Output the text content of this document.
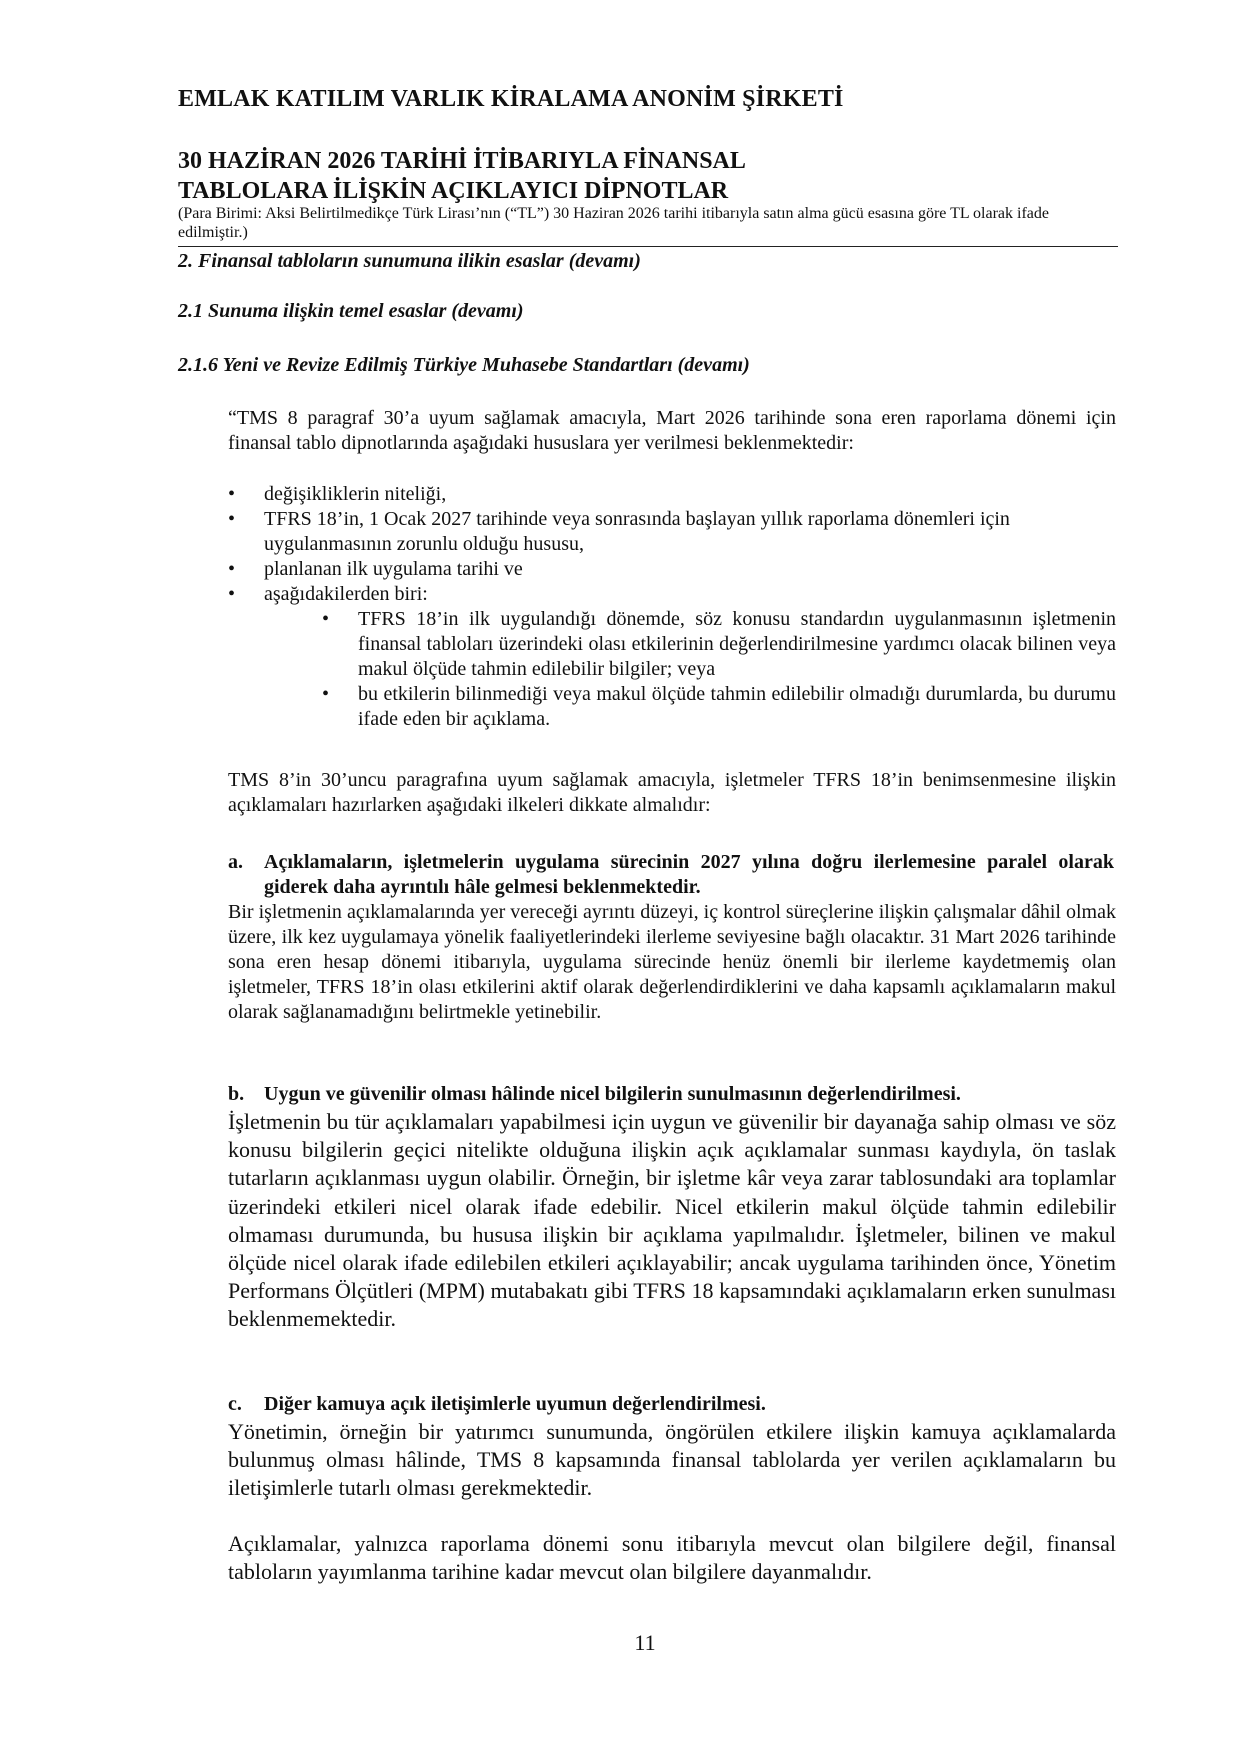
EMLAK KATILIM VARLIK KİRALAMA ANONİM ŞİRKETİ
30 HAZİRAN 2026 TARİHİ İTİBARIYLA FİNANSAL
TABLOLARA İLİŞKİN AÇIKLAYICI DİPNOTLAR
(Para Birimi: Aksi Belirtilmedikçe Türk Lirası’nın (“TL”) 30 Haziran 2026 tarihi itibarıyla satın alma gücü esasına göre TL olarak ifade edilmiştir.)
2. Finansal tabloların sunumuna ilikin esaslar (devamı)
2.1 Sunuma ilişkin temel esaslar (devamı)
2.1.6 Yeni ve Revize Edilmiş Türkiye Muhasebe Standartları (devamı)
“TMS 8 paragraf 30’a uyum sağlamak amacıyla, Mart 2026 tarihinde sona eren raporlama dönemi için finansal tablo dipnotlarında aşağıdaki hususlara yer verilmesi beklenmektedir:
• değişikliklerin niteliği,
• TFRS 18’in, 1 Ocak 2027 tarihinde veya sonrasında başlayan yıllık raporlama dönemleri için uygulanmasının zorunlu olduğu hususu,
• planlanan ilk uygulama tarihi ve
• aşağıdakilerden biri:
• TFRS 18’in ilk uygulandığı dönemde, söz konusu standardın uygulanmasının işletmenin finansal tabloları üzerindeki olası etkilerinin değerlendirilmesine yardımcı olacak bilinen veya makul ölçüde tahmin edilebilir bilgiler; veya
• bu etkilerin bilinmediği veya makul ölçüde tahmin edilebilir olmadığı durumlarda, bu durumu ifade eden bir açıklama.
TMS 8’in 30’uncu paragrafına uyum sağlamak amacıyla, işletmeler TFRS 18’in benimsenmesine ilişkin açıklamaları hazırlarken aşağıdaki ilkeleri dikkate almalıdır:
a. Açıklamaların, işletmelerin uygulama sürecinin 2027 yılına doğru ilerlemesine paralel olarak giderek daha ayrıntılı hâle gelmesi beklenmektedir.
Bir işletmenin açıklamalarında yer vereceği ayrıntı düzeyi, iç kontrol süreçlerine ilişkin çalışmalar dâhil olmak üzere, ilk kez uygulamaya yönelik faaliyetlerindeki ilerleme seviyesine bağlı olacaktır. 31 Mart 2026 tarihinde sona eren hesap dönemi itibarıyla, uygulama sürecinde henüz önemli bir ilerleme kaydetmemiş olan işletmeler, TFRS 18’in olası etkilerini aktif olarak değerlendirdiklerini ve daha kapsamlı açıklamaların makul olarak sağlanamadığını belirtmekle yetinebilir.
b. Uygun ve güvenilir olması hâlinde nicel bilgilerin sunulmasının değerlendirilmesi.
İşletmenin bu tür açıklamaları yapabilmesi için uygun ve güvenilir bir dayanağa sahip olması ve söz konusu bilgilerin geçici nitelikte olduğuna ilişkin açık açıklamalar sunması kaydıyla, ön taslak tutarların açıklanması uygun olabilir. Örneğin, bir işletme kâr veya zarar tablosundaki ara toplamlar üzerindeki etkileri nicel olarak ifade edebilir. Nicel etkilerin makul ölçüde tahmin edilebilir olmaması durumunda, bu hususa ilişkin bir açıklama yapılmalıdır. İşletmeler, bilinen ve makul ölçüde nicel olarak ifade edilebilen etkileri açıklayabilir; ancak uygulama tarihinden önce, Yönetim Performans Ölçütleri (MPM) mutabakatı gibi TFRS 18 kapsamındaki açıklamaların erken sunulması beklenmemektedir.
c. Diğer kamuya açık iletişimlerle uyumun değerlendirilmesi.
Yönetimin, örneğin bir yatırımcı sunumunda, öngörülen etkilere ilişkin kamuya açıklamalarda bulunmuş olması hâlinde, TMS 8 kapsamında finansal tablolarda yer verilen açıklamaların bu iletişimlerle tutarlı olması gerekmektedir.
Açıklamalar, yalnızca raporlama dönemi sonu itibarıyla mevcut olan bilgilere değil, finansal tabloların yayımlanma tarihine kadar mevcut olan bilgilere dayanmalıdır.
11
